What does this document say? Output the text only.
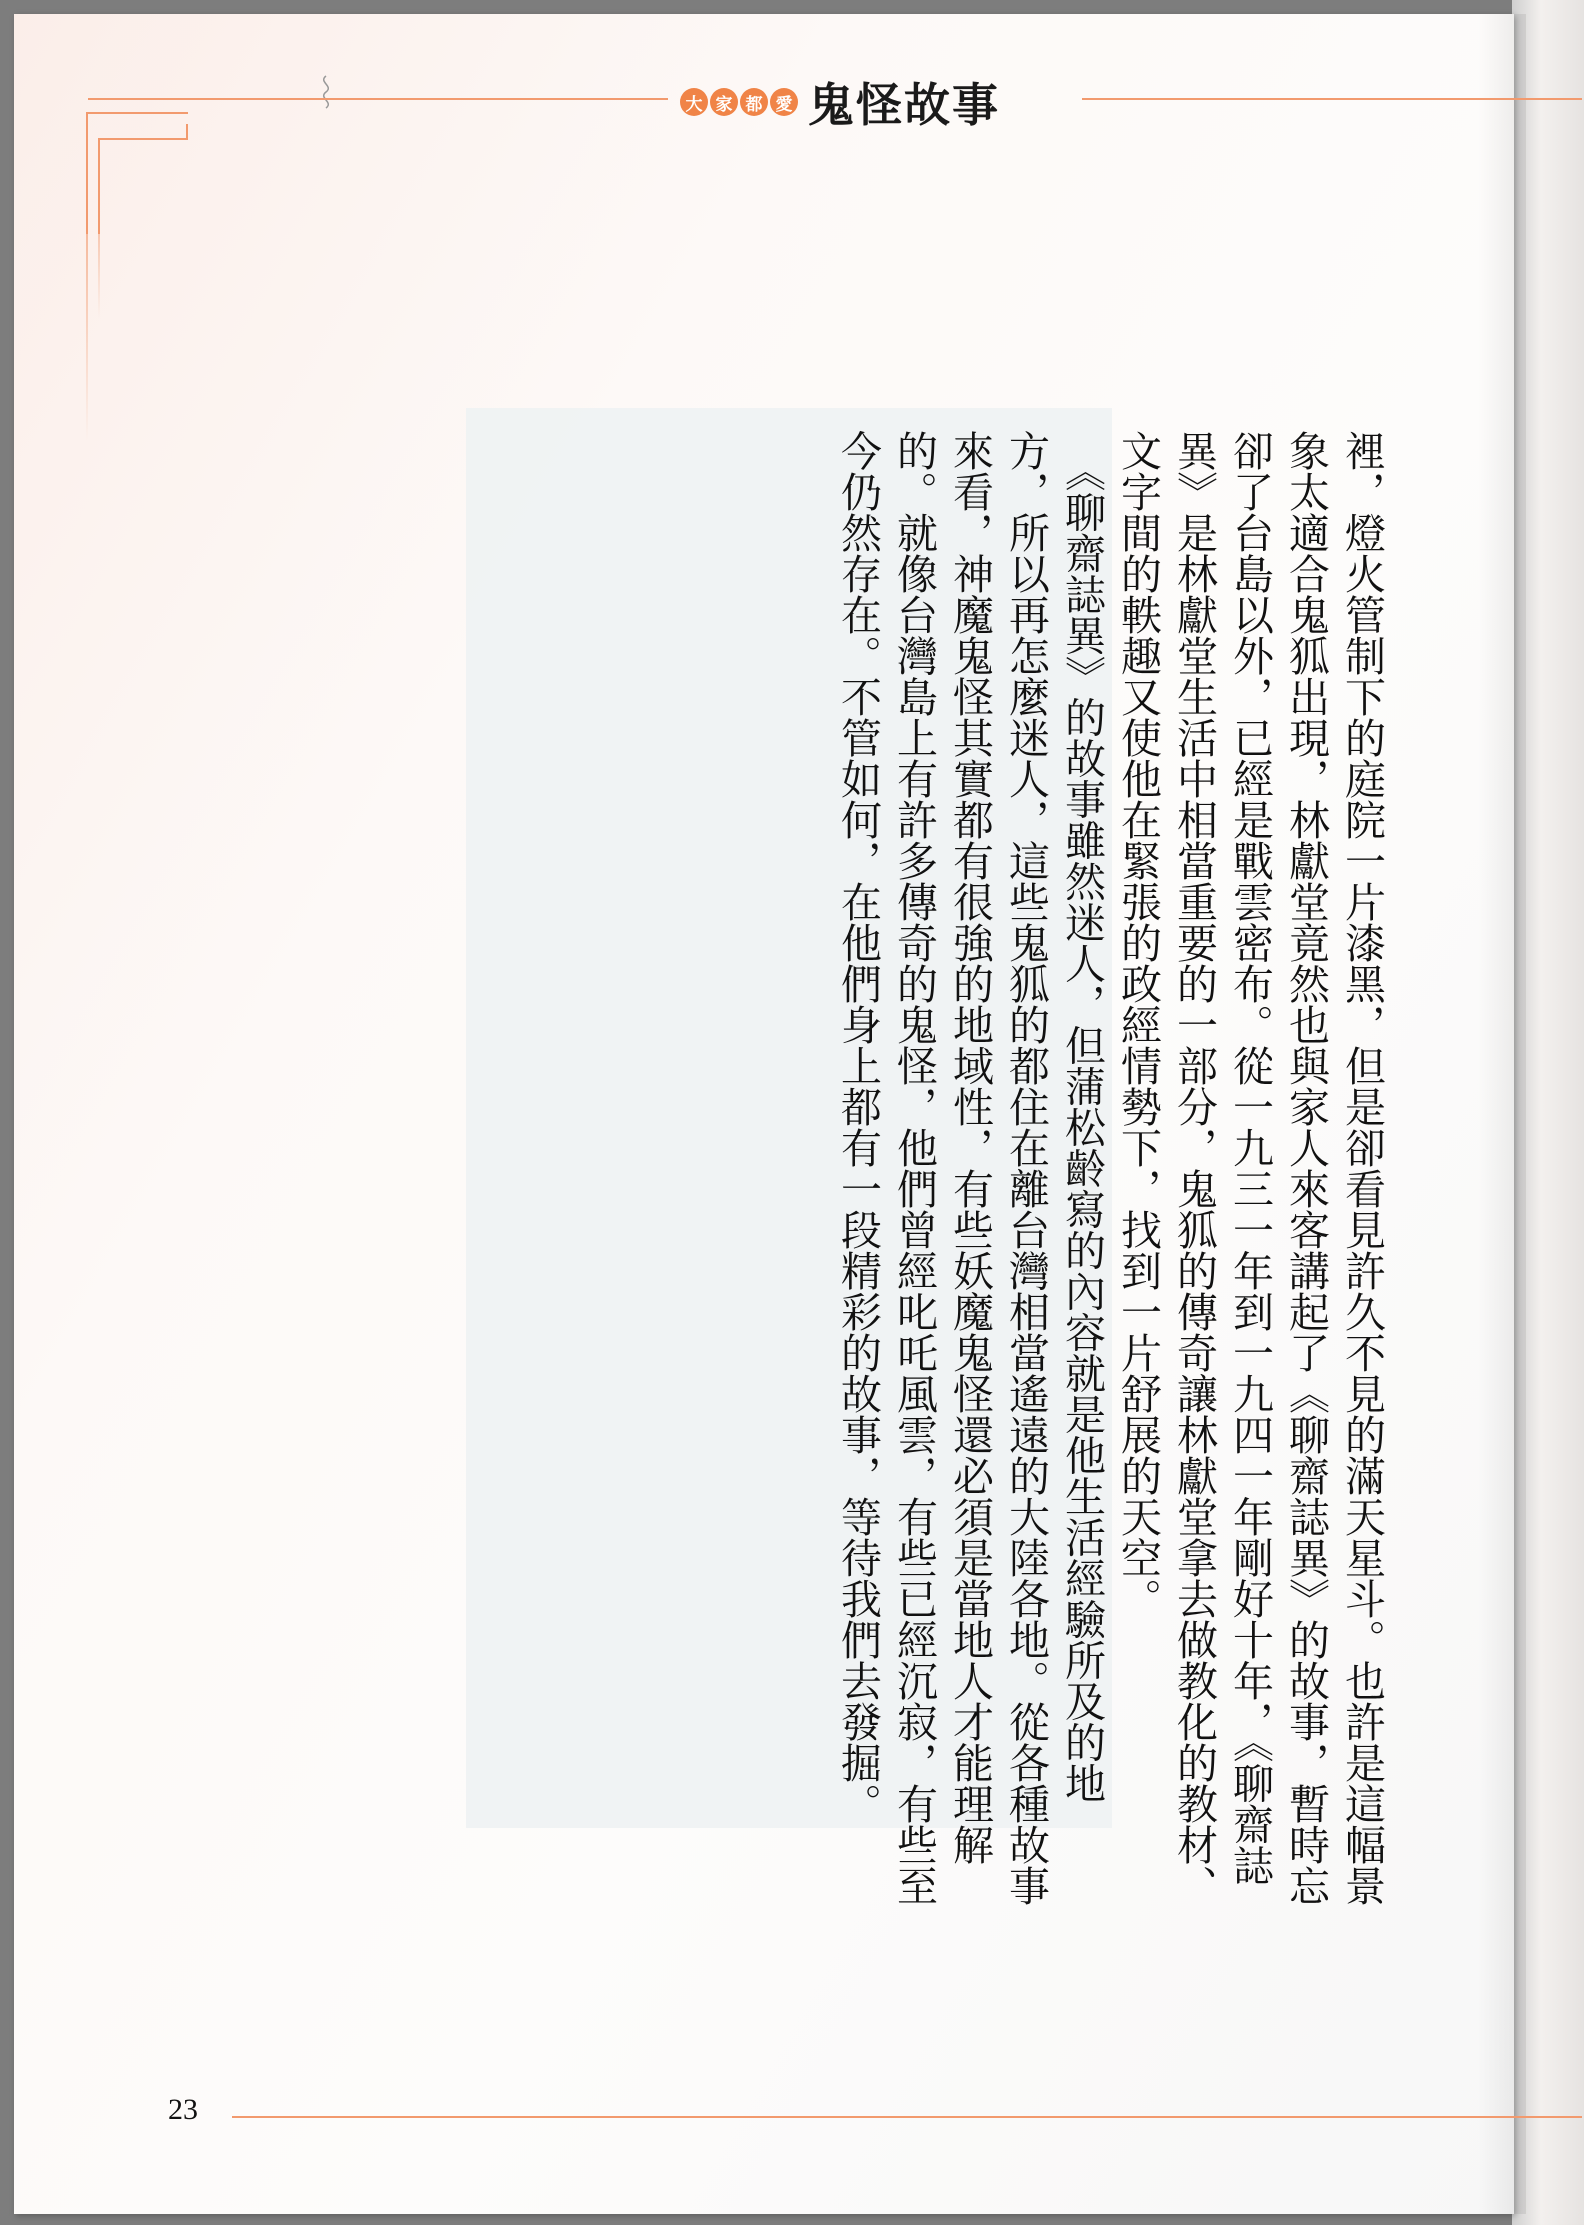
大 家 都 愛 鬼怪故事

裡，燈火管制下的庭院一片漆黑，但是卻看見許久不見的滿天星斗。也許是這幅景
象太適合鬼狐出現，林獻堂竟然也與家人來客講起了《聊齋誌異》的故事，暫時忘
卻了台島以外，已經是戰雲密布。從一九三一年到一九四一年剛好十年，《聊齋誌
異》是林獻堂生活中相當重要的一部分，鬼狐的傳奇讓林獻堂拿去做教化的教材、
文字間的軼趣又使他在緊張的政經情勢下，找到一片舒展的天空。

　《聊齋誌異》的故事雖然迷人，但蒲松齡寫的內容就是他生活經驗所及的地
方，所以再怎麼迷人，這些鬼狐的都住在離台灣相當遙遠的大陸各地。從各種故事
來看，神魔鬼怪其實都有很強的地域性，有些妖魔鬼怪還必須是當地人才能理解
的。就像台灣島上有許多傳奇的鬼怪，他們曾經叱吒風雲，有些已經沉寂，有些至
今仍然存在。不管如何，在他們身上都有一段精彩的故事，等待我們去發掘。

23
